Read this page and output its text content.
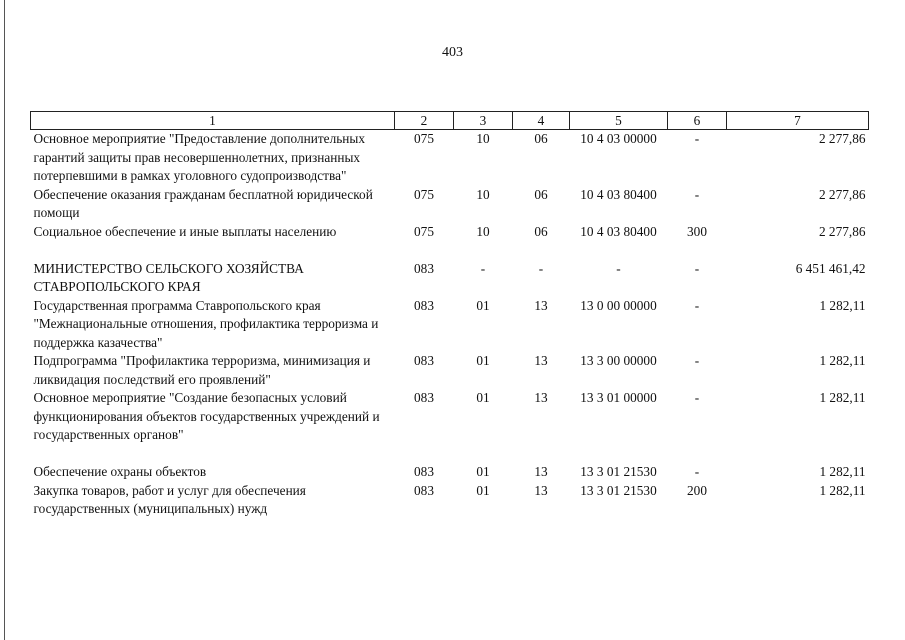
403
1	2	3	4	5	6	7
Основное мероприятие "Предоставление дополнительных гарантий защиты прав несовершеннолетних, признанных потерпевшими в рамках уголовного судопроизводства"	075	10	06	10 4 03 00000	-	2 277,86
Обеспечение оказания гражданам бесплатной юридической помощи	075	10	06	10 4 03 80400	-	2 277,86
Социальное обеспечение и иные выплаты населению	075	10	06	10 4 03 80400	300	2 277,86

МИНИСТЕРСТВО СЕЛЬСКОГО ХОЗЯЙСТВА СТАВРОПОЛЬСКОГО КРАЯ	083	-	-	-	-	6 451 461,42
Государственная программа Ставропольского края "Межнациональные отношения, профилактика терроризма и поддержка казачества"	083	01	13	13 0 00 00000	-	1 282,11
Подпрограмма "Профилактика терроризма, минимизация и ликвидация последствий его проявлений"	083	01	13	13 3 00 00000	-	1 282,11
Основное мероприятие "Создание безопасных условий функционирования объектов государственных учреждений и государственных органов"	083	01	13	13 3 01 00000	-	1 282,11

Обеспечение охраны объектов	083	01	13	13 3 01 21530	-	1 282,11
Закупка товаров, работ и услуг для обеспечения государственных (муниципальных) нужд	083	01	13	13 3 01 21530	200	1 282,11
